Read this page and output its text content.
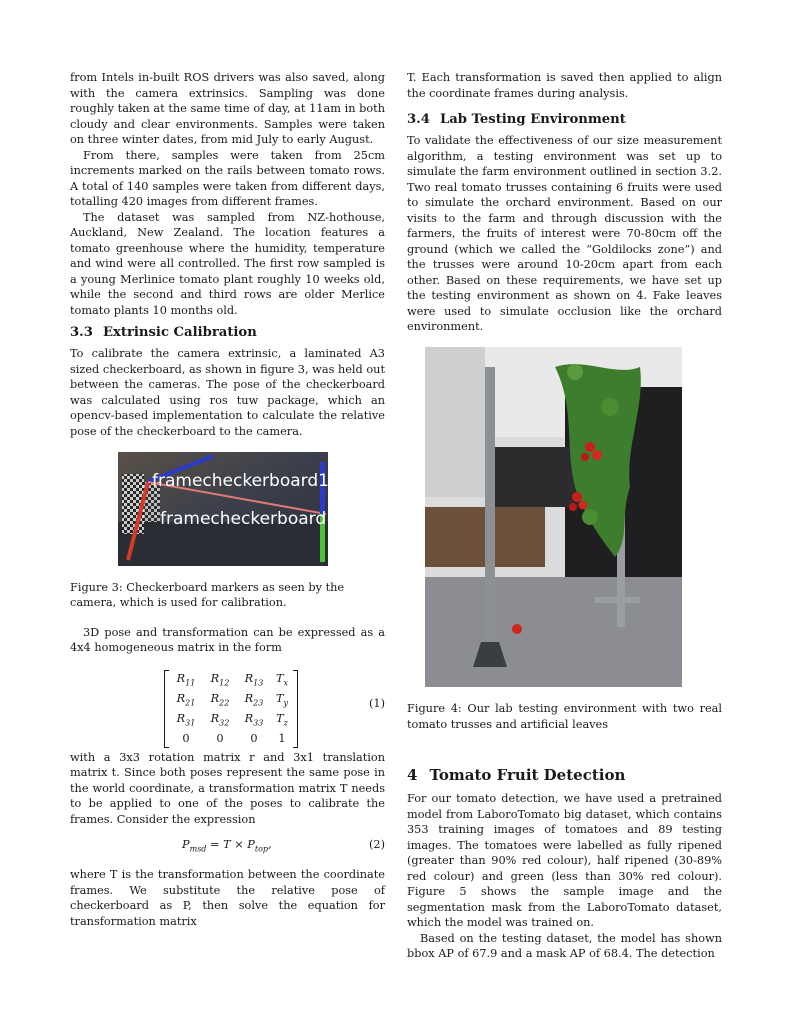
from Intels in-built ROS drivers was also saved, along with the camera extrinsics. Sampling was done roughly taken at the same time of day, at 11am in both cloudy and clear environments. Samples were taken on three winter dates, from mid July to early August.

From there, samples were taken from 25cm increments marked on the rails between tomato rows. A total of 140 samples were taken from different days, totalling 420 images from different frames.

The dataset was sampled from NZ-hothouse, Auckland, New Zealand. The location features a tomato greenhouse where the humidity, temperature and wind were all controlled. The first row sampled is a young Merlinice tomato plant roughly 10 weeks old, while the second and third rows are older Merlice tomato plants 10 months old.

3.3 Extrinsic Calibration

To calibrate the camera extrinsic, a laminated A3 sized checkerboard, as shown in figure 3, was held out between the cameras. The pose of the checkerboard was calculated using ros tuw package, which an opencv-based implementation to calculate the relative pose of the checkerboard to the camera.

framecheckerboard1
framecheckerboard

Figure 3: Checkerboard markers as seen by the camera, which is used for calibration.

3D pose and transformation can be expressed as a 4x4 homogeneous matrix in the form

$R_{11}$	$R_{12}$	$R_{13}$	$T_x$
$R_{21}$	$R_{22}$	$R_{23}$	$T_y$
$R_{31}$	$R_{32}$	$R_{33}$	$T_z$
0	0	0	1
(1)

with a 3x3 rotation matrix r and 3x1 translation matrix t. Since both poses represent the same pose in the world coordinate, a transformation matrix T needs to be applied to one of the poses to calibrate the frames. Consider the expression

$P_{msd} = T \times P_{top}$,	(2)

where T is the transformation between the coordinate frames. We substitute the relative pose of checkerboard as P, then solve the equation for transformation matrix

T. Each transformation is saved then applied to align the coordinate frames during analysis.

3.4 Lab Testing Environment

To validate the effectiveness of our size measurement algorithm, a testing environment was set up to simulate the farm environment outlined in section 3.2. Two real tomato trusses containing 6 fruits were used to simulate the orchard environment. Based on our visits to the farm and through discussion with the farmers, the fruits of interest were 70-80cm off the ground (which we called the “Goldilocks zone”) and the trusses were around 10-20cm apart from each other. Based on these requirements, we have set up the testing environment as shown on 4. Fake leaves were used to simulate occlusion like the orchard environment.

Figure 4: Our lab testing environment with two real tomato trusses and artificial leaves

4 Tomato Fruit Detection

For our tomato detection, we have used a pretrained model from LaboroTomato big dataset, which contains 353 training images of tomatoes and 89 testing images. The tomatoes were labelled as fully ripened (greater than 90% red colour), half ripened (30-89% red colour) and green (less than 30% red colour). Figure 5 shows the sample image and the segmentation mask from the LaboroTomato dataset, which the model was trained on.

Based on the testing dataset, the model has shown bbox AP of 67.9 and a mask AP of 68.4. The detection
